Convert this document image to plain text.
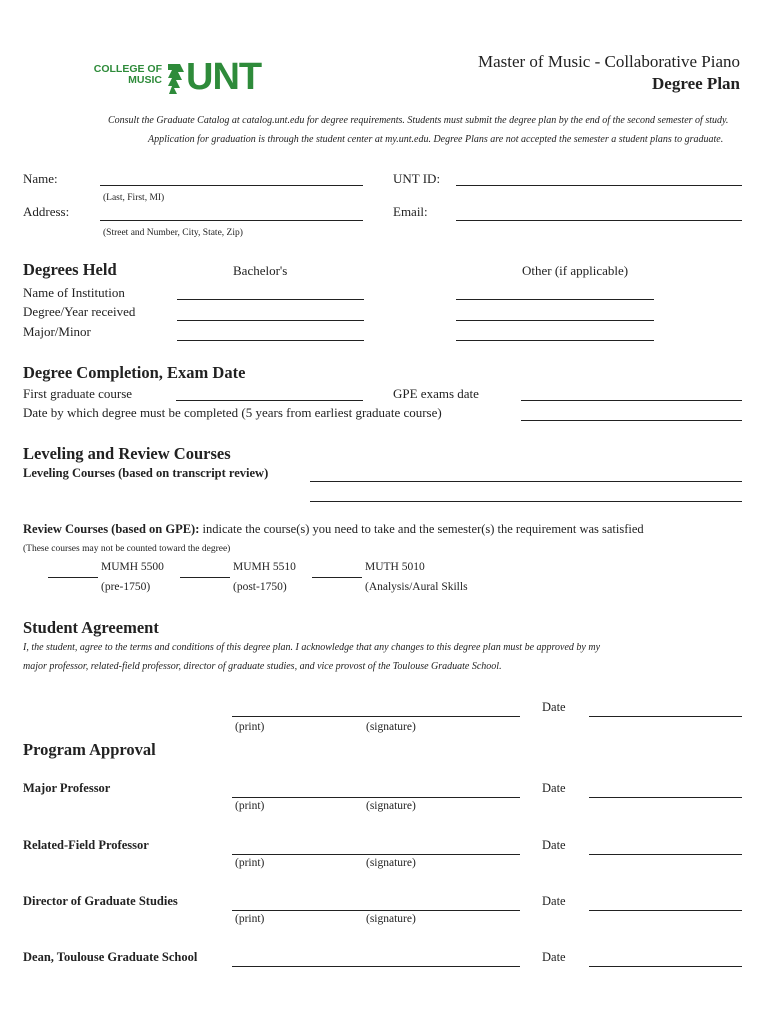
COLLEGE OF
MUSIC UNT	Master of Music - Collaborative Piano
Degree Plan
Consult the Graduate Catalog at catalog.unt.edu for degree requirements. Students must submit the degree plan by the end of the second semester of study.
Application for graduation is through the student center at my.unt.edu. Degree Plans are not accepted the semester a student plans to graduate.
Name:
(Last, First, MI)
UNT ID:
Address:
(Street and Number, City, State, Zip)
Email:
Degrees Held	Bachelor's	Other (if applicable)
Name of Institution
Degree/Year received
Major/Minor
Degree Completion, Exam Date
First graduate course	GPE exams date
Date by which degree must be completed (5 years from earliest graduate course)
Leveling and Review Courses
Leveling Courses (based on transcript review)
Review Courses (based on GPE): indicate the course(s) you need to take and the semester(s) the requirement was satisfied
(These courses may not be counted toward the degree)
MUMH 5500
(pre-1750)
MUMH 5510
(post-1750)
MUTH 5010
(Analysis/Aural Skills
Student Agreement
I, the student, agree to the terms and conditions of this degree plan. I acknowledge that any changes to this degree plan must be approved by my
major professor, related-field professor, director of graduate studies, and vice provost of the Toulouse Graduate School.
Date
(print)	(signature)
Program Approval
Major Professor	Date
(print)	(signature)
Related-Field Professor	Date
(print)	(signature)
Director of Graduate Studies	Date
(print)	(signature)
Dean, Toulouse Graduate School	Date
